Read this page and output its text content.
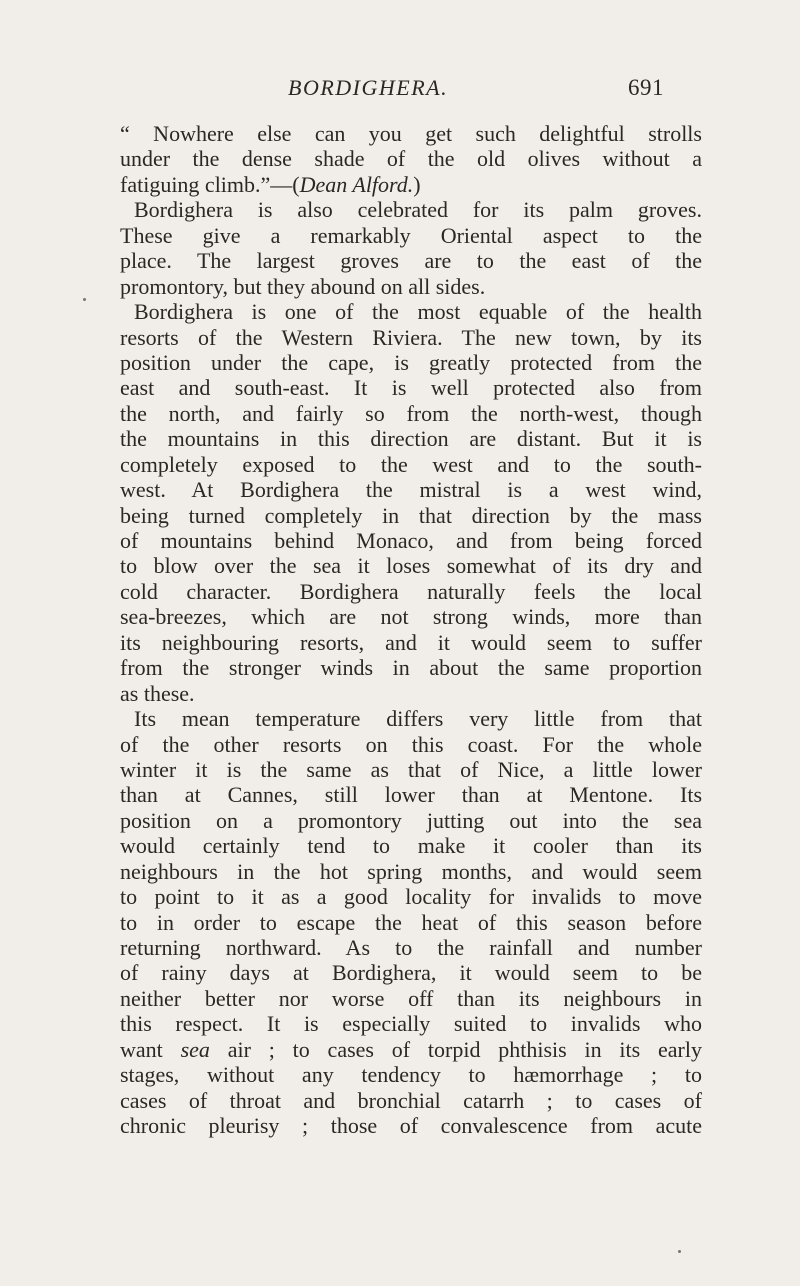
BORDIGHERA.	691
“ Nowhere else can you get such delightful strolls
under the dense shade of the old olives without a
fatiguing climb.”—(Dean Alford.)
Bordighera is also celebrated for its palm groves.
These give a remarkably Oriental aspect to the
place. The largest groves are to the east of the
promontory, but they abound on all sides.
Bordighera is one of the most equable of the health
resorts of the Western Riviera. The new town, by its
position under the cape, is greatly protected from the
east and south-east. It is well protected also from
the north, and fairly so from the north-west, though
the mountains in this direction are distant. But it is
completely exposed to the west and to the south-
west. At Bordighera the mistral is a west wind,
being turned completely in that direction by the mass
of mountains behind Monaco, and from being forced
to blow over the sea it loses somewhat of its dry and
cold character. Bordighera naturally feels the local
sea-breezes, which are not strong winds, more than
its neighbouring resorts, and it would seem to suffer
from the stronger winds in about the same proportion
as these.
Its mean temperature differs very little from that
of the other resorts on this coast. For the whole
winter it is the same as that of Nice, a little lower
than at Cannes, still lower than at Mentone. Its
position on a promontory jutting out into the sea
would certainly tend to make it cooler than its
neighbours in the hot spring months, and would seem
to point to it as a good locality for invalids to move
to in order to escape the heat of this season before
returning northward. As to the rainfall and number
of rainy days at Bordighera, it would seem to be
neither better nor worse off than its neighbours in
this respect. It is especially suited to invalids who
want sea air ; to cases of torpid phthisis in its early
stages, without any tendency to hæmorrhage ; to
cases of throat and bronchial catarrh ; to cases of
chronic pleurisy ; those of convalescence from acute
